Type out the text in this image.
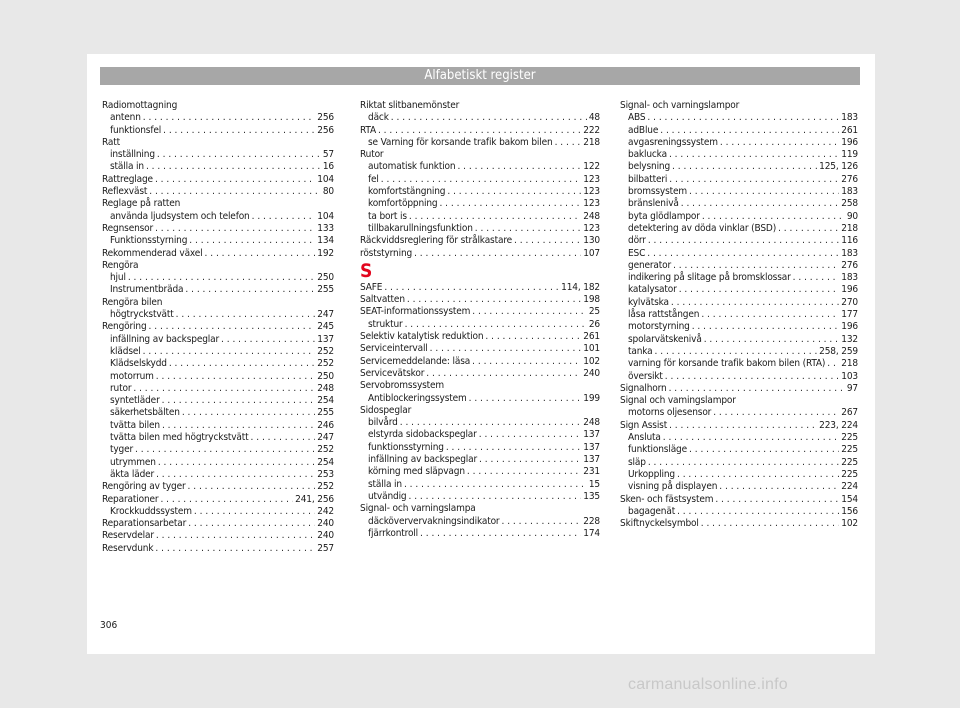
Alfabetiskt register
Radiomottagning
antenn . . .	256
funktionsfel . . .	256
Ratt
inställning . . .	57
ställa in . . .	16
Rattreglage . . .	104
Reflexväst . . .	80
Reglage på ratten
använda ljudsystem och telefon . . .	104
Regnsensor . . .	133
Funktionsstyrning . . .	134
Rekommenderad växel . . .	192
Rengöra
hjul . . .	250
Instrumentbräda . . .	255
Rengöra bilen
högtryckstvätt . . .	247
Rengöring . . .	245
infällning av backspeglar . . .	137
klädsel . . .	252
Klädselskydd . . .	252
motorrum . . .	250
rutor . . .	248
syntetläder . . .	254
säkerhetsbälten . . .	255
tvätta bilen . . .	246
tvätta bilen med högtryckstvätt . . .	247
tyger . . .	252
utrymmen . . .	254
äkta läder . . .	253
Rengöring av tyger . . .	252
Reparationer . . .	241, 256
Krockkuddssystem . . .	242
Reparationsarbetar . . .	240
Reservdelar . . .	240
Reservdunk . . .	257
Riktat slitbanemönster
däck . . .	48
RTA . . .	222
se Varning för korsande trafik bakom bilen . . .	218
Rutor
automatisk funktion . . .	122
fel . . .	123
komfortstängning . . .	123
komfortöppning . . .	123
ta bort is . . .	248
tillbakarullningsfunktion . . .	123
Räckviddsreglering för strålkastare . . .	130
röststyrning . . .	107
S
SAFE . . .	114, 182
Saltvatten . . .	198
SEAT-informationssystem . . .	25
struktur . . .	26
Selektiv katalytisk reduktion . . .	261
Serviceintervall . . .	101
Servicemeddelande: läsa . . .	102
Servicevätskor . . .	240
Servobromssystem
Antiblockeringssystem . . .	199
Sidospeglar
bilvård . . .	248
elstyrda sidobackspeglar . . .	137
funktionsstyrning . . .	137
infällning av backspeglar . . .	137
körning med släpvagn . . .	231
ställa in . . .	15
utvändig . . .	135
Signal- och varningslampa
däcköververvakningsindikator . . .	228
fjärrkontroll . . .	174
Signal- och varningslampor
ABS . . .	183
adBlue . . .	261
avgasreningssystem . . .	196
baklucka . . .	119
belysning . . .	125, 126
bilbatteri . . .	276
bromssystem . . .	183
bränslenivå . . .	258
byta glödlampor . . .	90
detektering av döda vinklar (BSD) . . .	218
dörr . . .	116
ESC . . .	183
generator . . .	276
indikering på slitage på bromsklossar . . .	183
katalysator . . .	196
kylvätska . . .	270
låsa rattstången . . .	177
motorstyrning . . .	196
spolarvätskenivå . . .	132
tanka . . .	258, 259
varning för korsande trafik bakom bilen (RTA) . . . 218
översikt . . .	103
Signalhorn . . .	97
Signal och vamingslampor
motorns oljesensor . . .	267
Sign Assist . . .	223, 224
Ansluta . . .	225
funktionsläge . . .	225
släp . . .	225
Urkoppling . . .	225
visning på displayen . . .	224
Sken- och fästsystem . . .	154
bagagenät . . .	156
Skiftnyckelsymbol . . .	102
306
carmanualsonline.info
